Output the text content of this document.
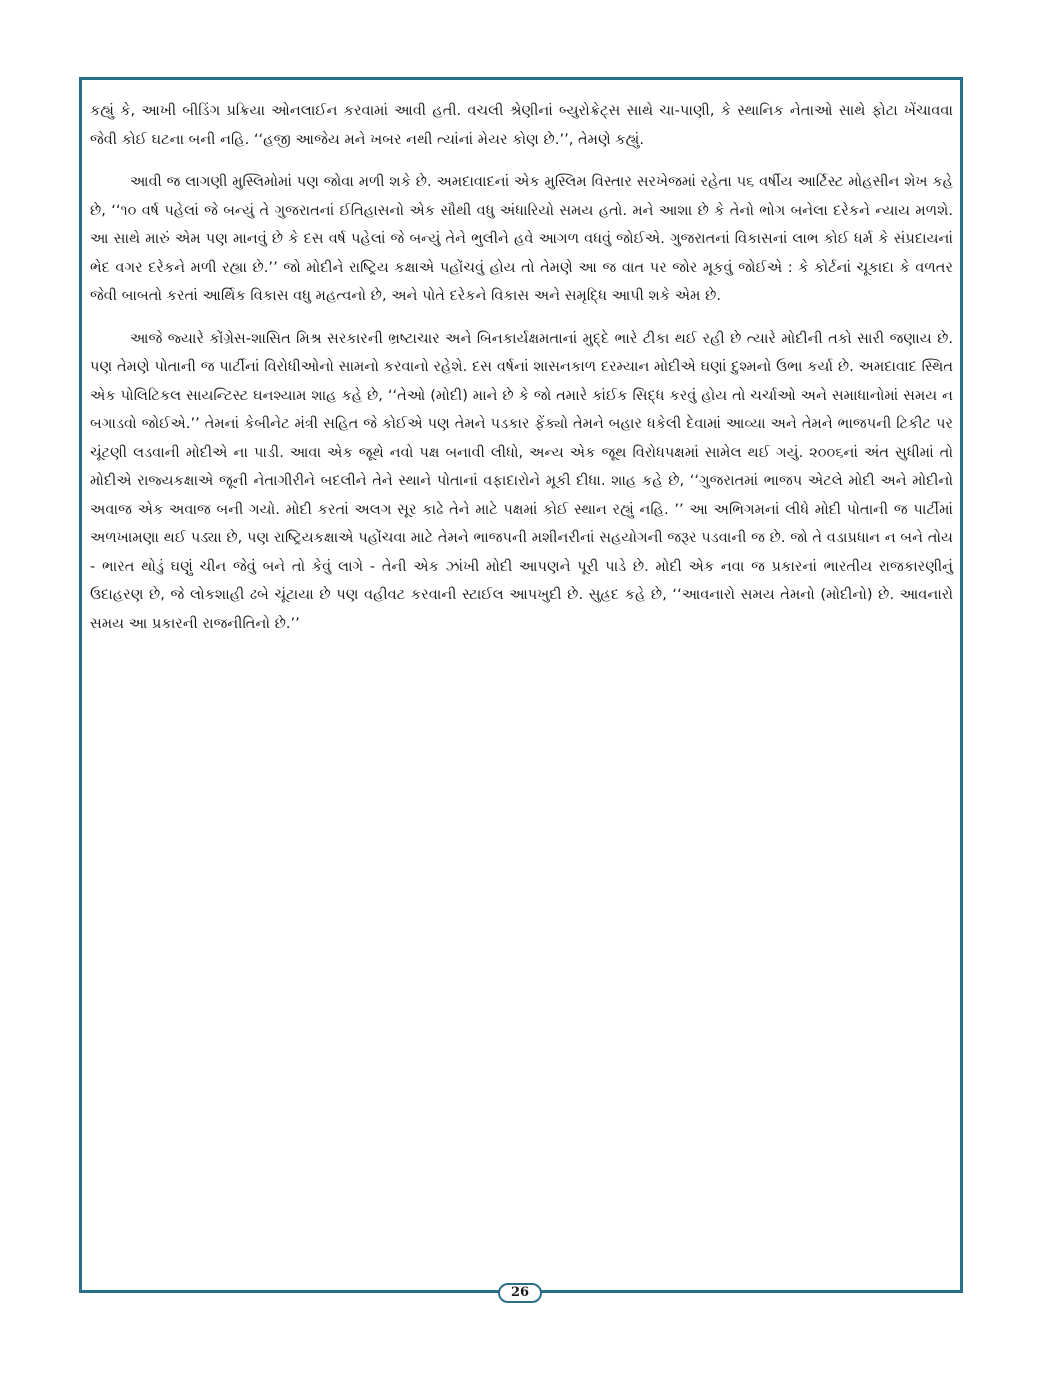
કહ્યું કે, આખી બીડિંગ પ્રક્રિયા ઓનલાઈન કરવામાં આવી હતી. વચલી શ્રેણીનાં બ્યુરોક્રેટ્સ સાથે ચા-પાણી, કે સ્થાનિક નેતાઓ સાથે ફોટા ખેંચાવવા જેવી કોઈ ઘટના બની નહિ. ‘‘હજી આજેય મને ખબર નથી ત્યાંનાં મેયર કોણ છે.’’, તેમણે કહ્યું.

આવી જ લાગણી મુસ્લિમોમાં પણ જોવા મળી શકે છે. અમદાવાદનાં એક મુસ્લિમ વિસ્તાર સરખેજમાં રહેતા ૫૬ વર્ષીય આર્ટિસ્ટ મોહસીન શેખ કહે છે, ‘‘૧૦ વર્ષ પહેલાં જે બન્યું તે ગુજરાતનાં ઈતિહાસનો એક સૌથી વધુ અંધારિયો સમય હતો. મને આશા છે કે તેનો ભોગ બનેલા દરેકને ન્યાય મળશે. આ સાથે મારું એમ પણ માનવું છે કે દસ વર્ષ પહેલાં જે બન્યું તેને ભુલીને હવે આગળ વધવું જોઈએ. ગુજરાતનાં વિકાસનાં લાભ કોઈ ધર્મ કે સંપ્રદાયનાં ભેદ વગર દરેકને મળી રહ્યા છે.’’ જો મોદીને રાષ્ટ્રિય કક્ષાએ પહોંચવું હોય તો તેમણે આ જ વાત પર જોર મૂકવું જોઈએ : કે કોર્ટનાં ચૂકાદા કે વળતર જેવી બાબતો કરતાં આર્થિક વિકાસ વધુ મહત્વનો છે, અને પોતે દરેકને વિકાસ અને સમૃદ્ધિ આપી શકે એમ છે.

આજે જ્યારે કોંગ્રેસ-શાસિત મિશ્ર સરકારની ભ્રષ્ટાચાર અને બિનકાર્યક્ષમતાનાં મુદ્દે ભારે ટીકા થઈ રહી છે ત્યારે મોદીની તકો સારી જણાય છે. પણ તેમણે પોતાની જ પાર્ટીનાં વિરોધીઓનો સામનો કરવાનો રહેશે. દસ વર્ષનાં શાસનકાળ દરમ્યાન મોદીએ ઘણાં દુશ્મનો ઉભા કર્યા છે. અમદાવાદ સ્થિત એક પોલિટિકલ સાયન્ટિસ્ટ ઘનશ્યામ શાહ કહે છે, ‘‘તેઓ (મોદી) માને છે કે જો તમારે કાંઈક સિદ્ધ કરવું હોય તો ચર્ચાઓ અને સમાધાનોમાં સમય ન બગાડવો જોઈએ.’’ તેમનાં કેબીનેટ મંત્રી સહિત જે કોઈએ પણ તેમને પડકાર ફેંક્યો તેમને બહાર ધકેલી દેવામાં આવ્યા અને તેમને ભાજપની ટિકીટ પર ચૂંટણી લડવાની મોદીએ ના પાડી. આવા એક જૂથે નવો પક્ષ બનાવી લીધો, અન્ય એક જૂથ વિરોધપક્ષમાં સામેલ થઈ ગયું. ૨૦૦૬નાં અંત સુધીમાં તો મોદીએ રાજ્યકક્ષાએ જૂની નેતાગીરીને બદલીને તેને સ્થાને પોતાનાં વફાદારોને મૂકી દીધા. શાહ કહે છે, ‘‘ગુજરાતમાં ભાજપ એટલે મોદી અને મોદીનો અવાજ એક અવાજ બની ગયો. મોદી કરતાં અલગ સૂર કાઢે તેને માટે પક્ષમાં કોઈ સ્થાન રહ્યું નહિ. ’’ આ અભિગમનાં લીધે મોદી પોતાની જ પાર્ટીમાં અળખામણા થઈ પડ્યા છે, પણ રાષ્ટ્રિયકક્ષાએ પહોંચવા માટે તેમને ભાજપની મશીનરીનાં સહયોગની જરૂર પડવાની જ છે. જો તે વડાપ્રધાન ન બને તોય - ભારત થોડું ઘણું ચીન જેવું બને તો કેવું લાગે - તેની એક ઝાંખી મોદી આપણને પૂરી પાડે છે. મોદી એક નવા જ પ્રકારનાં ભારતીય રાજકારણીનું ઉદાહરણ છે, જે લોકશાહી ઢબે ચૂંટાયા છે પણ વહીવટ કરવાની સ્ટાઈલ આપખુદી છે. સુહ્રદ કહે છે, ‘‘આવનારો સમય તેમનો (મોદીનો) છે. આવનારો સમય આ પ્રકારની રાજનીતિનો છે.’’

26
